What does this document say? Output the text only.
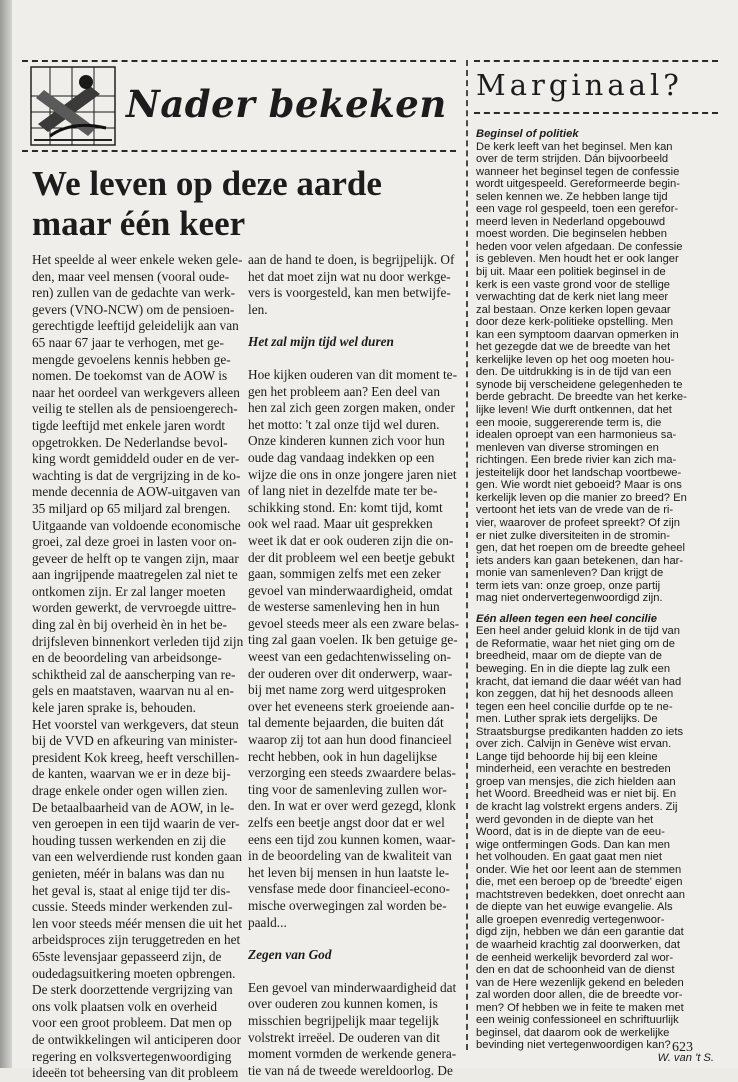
Nader bekeken
We leven op deze aarde maar één keer

Het speelde al weer enkele weken gele-

den, maar veel mensen (vooral oude-

ren) zullen van de gedachte van werk-

gevers (VNO-NCW) om de pensioen-

gerechtigde leeftijd geleidelijk aan van

65 naar 67 jaar te verhogen, met ge-

mengde gevoelens kennis hebben ge-

nomen. De toekomst van de AOW is

naar het oordeel van werkgevers alleen

veilig te stellen als de pensioengerech-

tigde leeftijd met enkele jaren wordt

opgetrokken. De Nederlandse bevol-

king wordt gemiddeld ouder en de ver-

wachting is dat de vergrijzing in de ko-

mende decennia de AOW-uitgaven van

35 miljard op 65 miljard zal brengen.

Uitgaande van voldoende economische

groei, zal deze groei in lasten voor on-

geveer de helft op te vangen zijn, maar

aan ingrijpende maatregelen zal niet te

ontkomen zijn. Er zal langer moeten

worden gewerkt, de vervroegde uittre-

ding zal èn bij overheid èn in het be-

drijfsleven binnenkort verleden tijd zijn

en de beoordeling van arbeidsonge-

schiktheid zal de aanscherping van re-

gels en maatstaven, waarvan nu al en-

kele jaren sprake is, behouden.

Het voorstel van werkgevers, dat steun

bij de VVD en afkeuring van minister-

president Kok kreeg, heeft verschillen-

de kanten, waarvan we er in deze bij-

drage enkele onder ogen willen zien.

De betaalbaarheid van de AOW, in le-

ven geroepen in een tijd waarin de ver-

houding tussen werkenden en zij die

van een welverdiende rust konden gaan

genieten, méér in balans was dan nu

het geval is, staat al enige tijd ter dis-

cussie. Steeds minder werkenden zul-

len voor steeds méér mensen die uit het

arbeidsproces zijn teruggetreden en het

65ste levensjaar gepasseerd zijn, de

oudedagsuitkering moeten opbrengen.

De sterk doorzettende vergrijzing van

ons volk plaatsen volk en overheid

voor een groot probleem. Dat men op

de ontwikkelingen wil anticiperen door

regering en volksvertegenwoordiging

ideeën tot beheersing van dit probleem

aan de hand te doen, is begrijpelijk. Of

het dat moet zijn wat nu door werkge-

vers is voorgesteld, kan men betwijfe-

len.

Het zal mijn tijd wel duren

Hoe kijken ouderen van dit moment te-

gen het probleem aan? Een deel van

hen zal zich geen zorgen maken, onder

het motto: 't zal onze tijd wel duren.

Onze kinderen kunnen zich voor hun

oude dag vandaag indekken op een

wijze die ons in onze jongere jaren niet

of lang niet in dezelfde mate ter be-

schikking stond. En: komt tijd, komt

ook wel raad. Maar uit gesprekken

weet ik dat er ook ouderen zijn die on-

der dit probleem wel een beetje gebukt

gaan, sommigen zelfs met een zeker

gevoel van minderwaardigheid, omdat

de westerse samenleving hen in hun

gevoel steeds meer als een zware belas-

ting zal gaan voelen. Ik ben getuige ge-

weest van een gedachtenwisseling on-

der ouderen over dit onderwerp, waar-

bij met name zorg werd uitgesproken

over het eveneens sterk groeiende aan-

tal demente bejaarden, die buiten dát

waarop zij tot aan hun dood financieel

recht hebben, ook in hun dagelijkse

verzorging een steeds zwaardere belas-

ting voor de samenleving zullen wor-

den. In wat er over werd gezegd, klonk

zelfs een beetje angst door dat er wel

eens een tijd zou kunnen komen, waar-

in de beoordeling van de kwaliteit van

het leven bij mensen in hun laatste le-

vensfase mede door financieel-econo-

mische overwegingen zal worden be-

paald...

Zegen van God

Een gevoel van minderwaardigheid dat

over ouderen zou kunnen komen, is

misschien begrijpelijk maar tegelijk

volstrekt irreëel. De ouderen van dit

moment vormden de werkende genera-

tie van ná de tweede wereldoorlog. De

Marginaal?
Beginsel of politiek

De kerk leeft van het beginsel. Men kan

over de term strijden. Dán bijvoorbeeld

wanneer het beginsel tegen de confessie

wordt uitgespeeld. Gereformeerde begin-

selen kennen we. Ze hebben lange tijd

een vage rol gespeeld, toen een gerefor-

meerd leven in Nederland opgebouwd

moest worden. Die beginselen hebben

heden voor velen afgedaan. De confessie

is gebleven. Men houdt het er ook langer

bij uit. Maar een politiek beginsel in de

kerk is een vaste grond voor de stellige

verwachting dat de kerk niet lang meer

zal bestaan. Onze kerken lopen gevaar

door deze kerk-politieke opstelling. Men

kan een symptoom daarvan opmerken in

het gezegde dat we de breedte van het

kerkelijke leven op het oog moeten hou-

den. De uitdrukking is in de tijd van een

synode bij verscheidene gelegenheden te

berde gebracht. De breedte van het kerke-

lijke leven! Wie durft ontkennen, dat het

een mooie, suggererende term is, die

idealen oproept van een harmonieus sa-

menleven van diverse stromingen en

richtingen. Een brede rivier kan zich ma-

jesteitelijk door het landschap voortbewe-

gen. Wie wordt niet geboeid? Maar is ons

kerkelijk leven op die manier zo breed? En

vertoont het iets van de vrede van de ri-

vier, waarover de profeet spreekt? Of zijn

er niet zulke diversiteiten in de stromin-

gen, dat het roepen om de breedte geheel

iets anders kan gaan betekenen, dan har-

monie van samenleven? Dan krijgt de

term iets van: onze groep, onze partij

mag niet ondervertegenwoordigd zijn.

Eén alleen tegen een heel concilie

Een heel ander geluid klonk in de tijd van

de Reformatie, waar het niet ging om de

breedheid, maar om de diepte van de

beweging. En in die diepte lag zulk een

kracht, dat iemand die daar wéét van had

kon zeggen, dat hij het desnoods alleen

tegen een heel concilie durfde op te ne-

men. Luther sprak iets dergelijks. De

Straatsburgse predikanten hadden zo iets

over zich. Calvijn in Genève wist ervan.

Lange tijd behoorde hij bij een kleine

minderheid, een verachte en bestreden

groep van mensjes, die zich hielden aan

het Woord. Breedheid was er niet bij. En

de kracht lag volstrekt ergens anders. Zij

werd gevonden in de diepte van het

Woord, dat is in de diepte van de eeu-

wige ontfermingen Gods. Dan kan men

het volhouden. En gaat gaat men niet

onder. Wie het oor leent aan de stemmen

die, met een beroep op de 'breedte' eigen

machtstreven bedekken, doet onrecht aan

de diepte van het euwige evangelie. Als

alle groepen evenredig vertegenwoor-

digd zijn, hebben we dán een garantie dat

de waarheid krachtig zal doorwerken, dat

de eenheid werkelijk bevorderd zal wor-

den en dat de schoonheid van de dienst

van de Here wezenlijk gekend en beleden

zal worden door allen, die de breedte vor-

men? Of hebben we in feite te maken met

een weinig confessioneel en schriftuurlijk

beginsel, dat daarom ook de werkelijke

bevinding niet vertegenwoordigen kan?

W. van 't S.

623
